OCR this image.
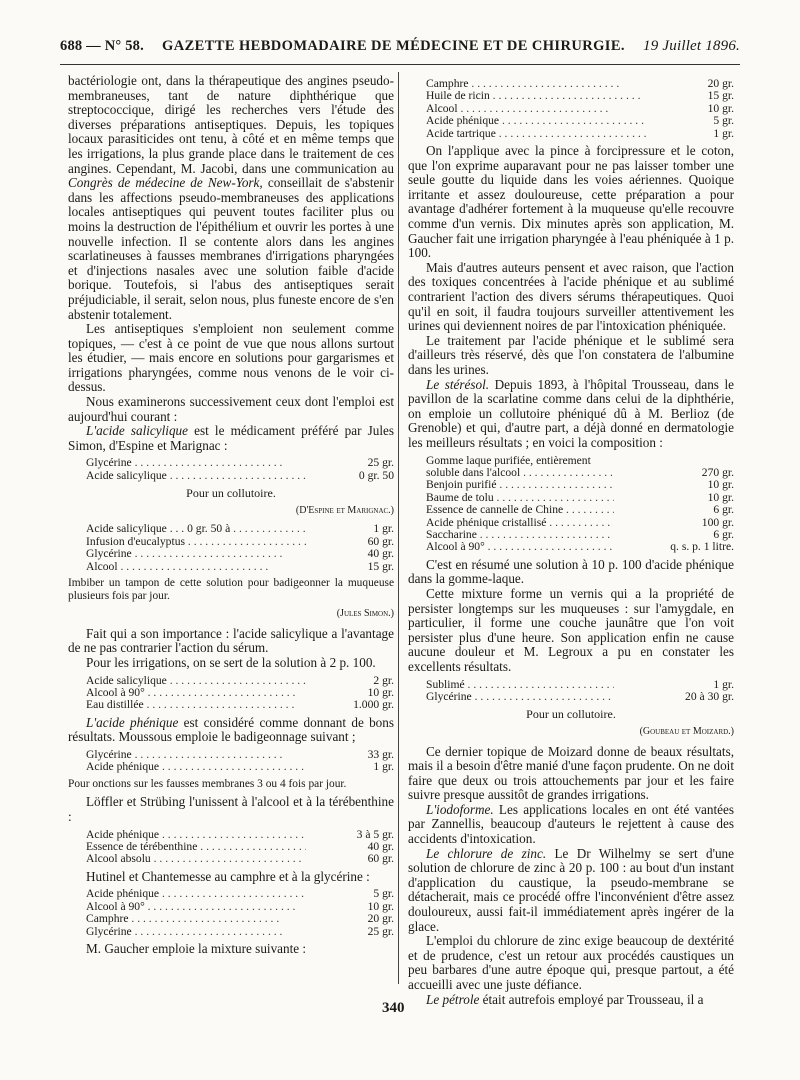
688 — N° 58. GAZETTE HEBDOMADAIRE DE MÉDECINE ET DE CHIRURGIE. 19 Juillet 1896.

bactériologie ont, dans la thérapeutique des angines pseudo-membraneuses, tant de nature diphthérique que streptococcique, dirigé les recherches vers l'étude des diverses préparations antiseptiques. Depuis, les topiques locaux parasiticides ont tenu, à côté et en même temps que les irrigations, la plus grande place dans le traitement de ces angines. Cependant, M. Jacobi, dans une communication au Congrès de médecine de New-York, conseillait de s'abstenir dans les affections pseudo-membraneuses des applications locales antiseptiques qui peuvent toutes faciliter plus ou moins la destruction de l'épithélium et ouvrir les portes à une nouvelle infection. Il se contente alors dans les angines scarlatineuses à fausses membranes d'irrigations pharyngées et d'injections nasales avec une solution faible d'acide borique. Toutefois, si l'abus des antiseptiques serait préjudiciable, il serait, selon nous, plus funeste encore de s'en abstenir totalement.

Les antiseptiques s'emploient non seulement comme topiques, — c'est à ce point de vue que nous allons surtout les étudier, — mais encore en solutions pour gargarismes et irrigations pharyngées, comme nous venons de le voir ci-dessus.

Nous examinerons successivement ceux dont l'emploi est aujourd'hui courant :

L'acide salicylique est le médicament préféré par Jules Simon, d'Espine et Marignac :

Glycérine . . .	25 gr.
Acide salicylique . . .	0 gr. 50
Pour un collutoire.
(D'Espine et Marignac.)
Acide salicylique . . . 0 gr. 50 à . . .	1 gr.
Infusion d'eucalyptus . . .	60 gr.
Glycérine . . .	40 gr.
Alcool . . .	15 gr.

Imbiber un tampon de cette solution pour badigeonner la muqueuse plusieurs fois par jour.

(Jules Simon.)

Fait qui a son importance : l'acide salicylique a l'avantage de ne pas contrarier l'action du sérum.

Pour les irrigations, on se sert de la solution à 2 p. 100.

Acide salicylique . . .	2 gr.
Alcool à 90° . . .	10 gr.
Eau distillée . . .	1.000 gr.

L'acide phénique est considéré comme donnant de bons résultats. Moussous emploie le badigeonnage suivant ;

Glycérine . . .	33 gr.
Acide phénique . . .	1 gr.

Pour onctions sur les fausses membranes 3 ou 4 fois par jour.

Löffler et Strübing l'unissent à l'alcool et à la térébenthine :

Acide phénique . . .	3 à 5 gr.
Essence de térébenthine . . .	40 gr.
Alcool absolu . . .	60 gr.

Hutinel et Chantemesse au camphre et à la glycérine :

Acide phénique . . .	5 gr.
Alcool à 90° . . .	10 gr.
Camphre . . .	20 gr.
Glycérine . . .	25 gr.

M. Gaucher emploie la mixture suivante :

Camphre . . .	20 gr.
Huile de ricin . . .	15 gr.
Alcool . . .	10 gr.
Acide phénique . . .	5 gr.
Acide tartrique . . .	1 gr.

On l'applique avec la pince à forcipressure et le coton, que l'on exprime auparavant pour ne pas laisser tomber une seule goutte du liquide dans les voies aériennes. Quoique irritante et assez douloureuse, cette préparation a pour avantage d'adhérer fortement à la muqueuse qu'elle recouvre comme d'un vernis. Dix minutes après son application, M. Gaucher fait une irrigation pharyngée à l'eau phéniquée à 1 p. 100.

Mais d'autres auteurs pensent et avec raison, que l'action des toxiques concentrées à l'acide phénique et au sublimé contrarient l'action des divers sérums thérapeutiques. Quoi qu'il en soit, il faudra toujours surveiller attentivement les urines qui deviennent noires de par l'intoxication phéniquée.

Le traitement par l'acide phénique et le sublimé sera d'ailleurs très réservé, dès que l'on constatera de l'albumine dans les urines.

Le stérésol. Depuis 1893, à l'hôpital Trousseau, dans le pavillon de la scarlatine comme dans celui de la diphthérie, on emploie un collutoire phéniqué dû à M. Berlioz (de Grenoble) et qui, d'autre part, a déjà donné en dermatologie les meilleurs résultats ; en voici la composition :

Gomme laque purifiée, entièrement
soluble dans l'alcool . . .	270 gr.
Benjoin purifié . . .	10 gr.
Baume de tolu . . .	10 gr.
Essence de cannelle de Chine . . .	6 gr.
Acide phénique cristallisé . . .	100 gr.
Saccharine . . .	6 gr.
Alcool à 90° . . .	q. s. p. 1 litre.

C'est en résumé une solution à 10 p. 100 d'acide phénique dans la gomme-laque.

Cette mixture forme un vernis qui a la propriété de persister longtemps sur les muqueuses : sur l'amygdale, en particulier, il forme une couche jaunâtre que l'on voit persister plus d'une heure. Son application enfin ne cause aucune douleur et M. Legroux a pu en constater les excellents résultats.

Sublimé . . .	1 gr.
Glycérine . . .	20 à 30 gr.
Pour un collutoire.
(Goubeau et Moizard.)

Ce dernier topique de Moizard donne de beaux résultats, mais il a besoin d'être manié d'une façon prudente. On ne doit faire que deux ou trois attouchements par jour et les faire suivre presque aussitôt de grandes irrigations.

L'iodoforme. Les applications locales en ont été vantées par Zannellis, beaucoup d'auteurs le rejettent à cause des accidents d'intoxication.

Le chlorure de zinc. Le Dr Wilhelmy se sert d'une solution de chlorure de zinc à 20 p. 100 : au bout d'un instant d'application du caustique, la pseudo-membrane se détacherait, mais ce procédé offre l'inconvénient d'être assez douloureux, aussi fait-il immédiatement après ingérer de la glace.

L'emploi du chlorure de zinc exige beaucoup de dextérité et de prudence, c'est un retour aux procédés caustiques un peu barbares d'une autre époque qui, presque partout, a été accueilli avec une juste défiance.

Le pétrole était autrefois employé par Trousseau, il a

340
